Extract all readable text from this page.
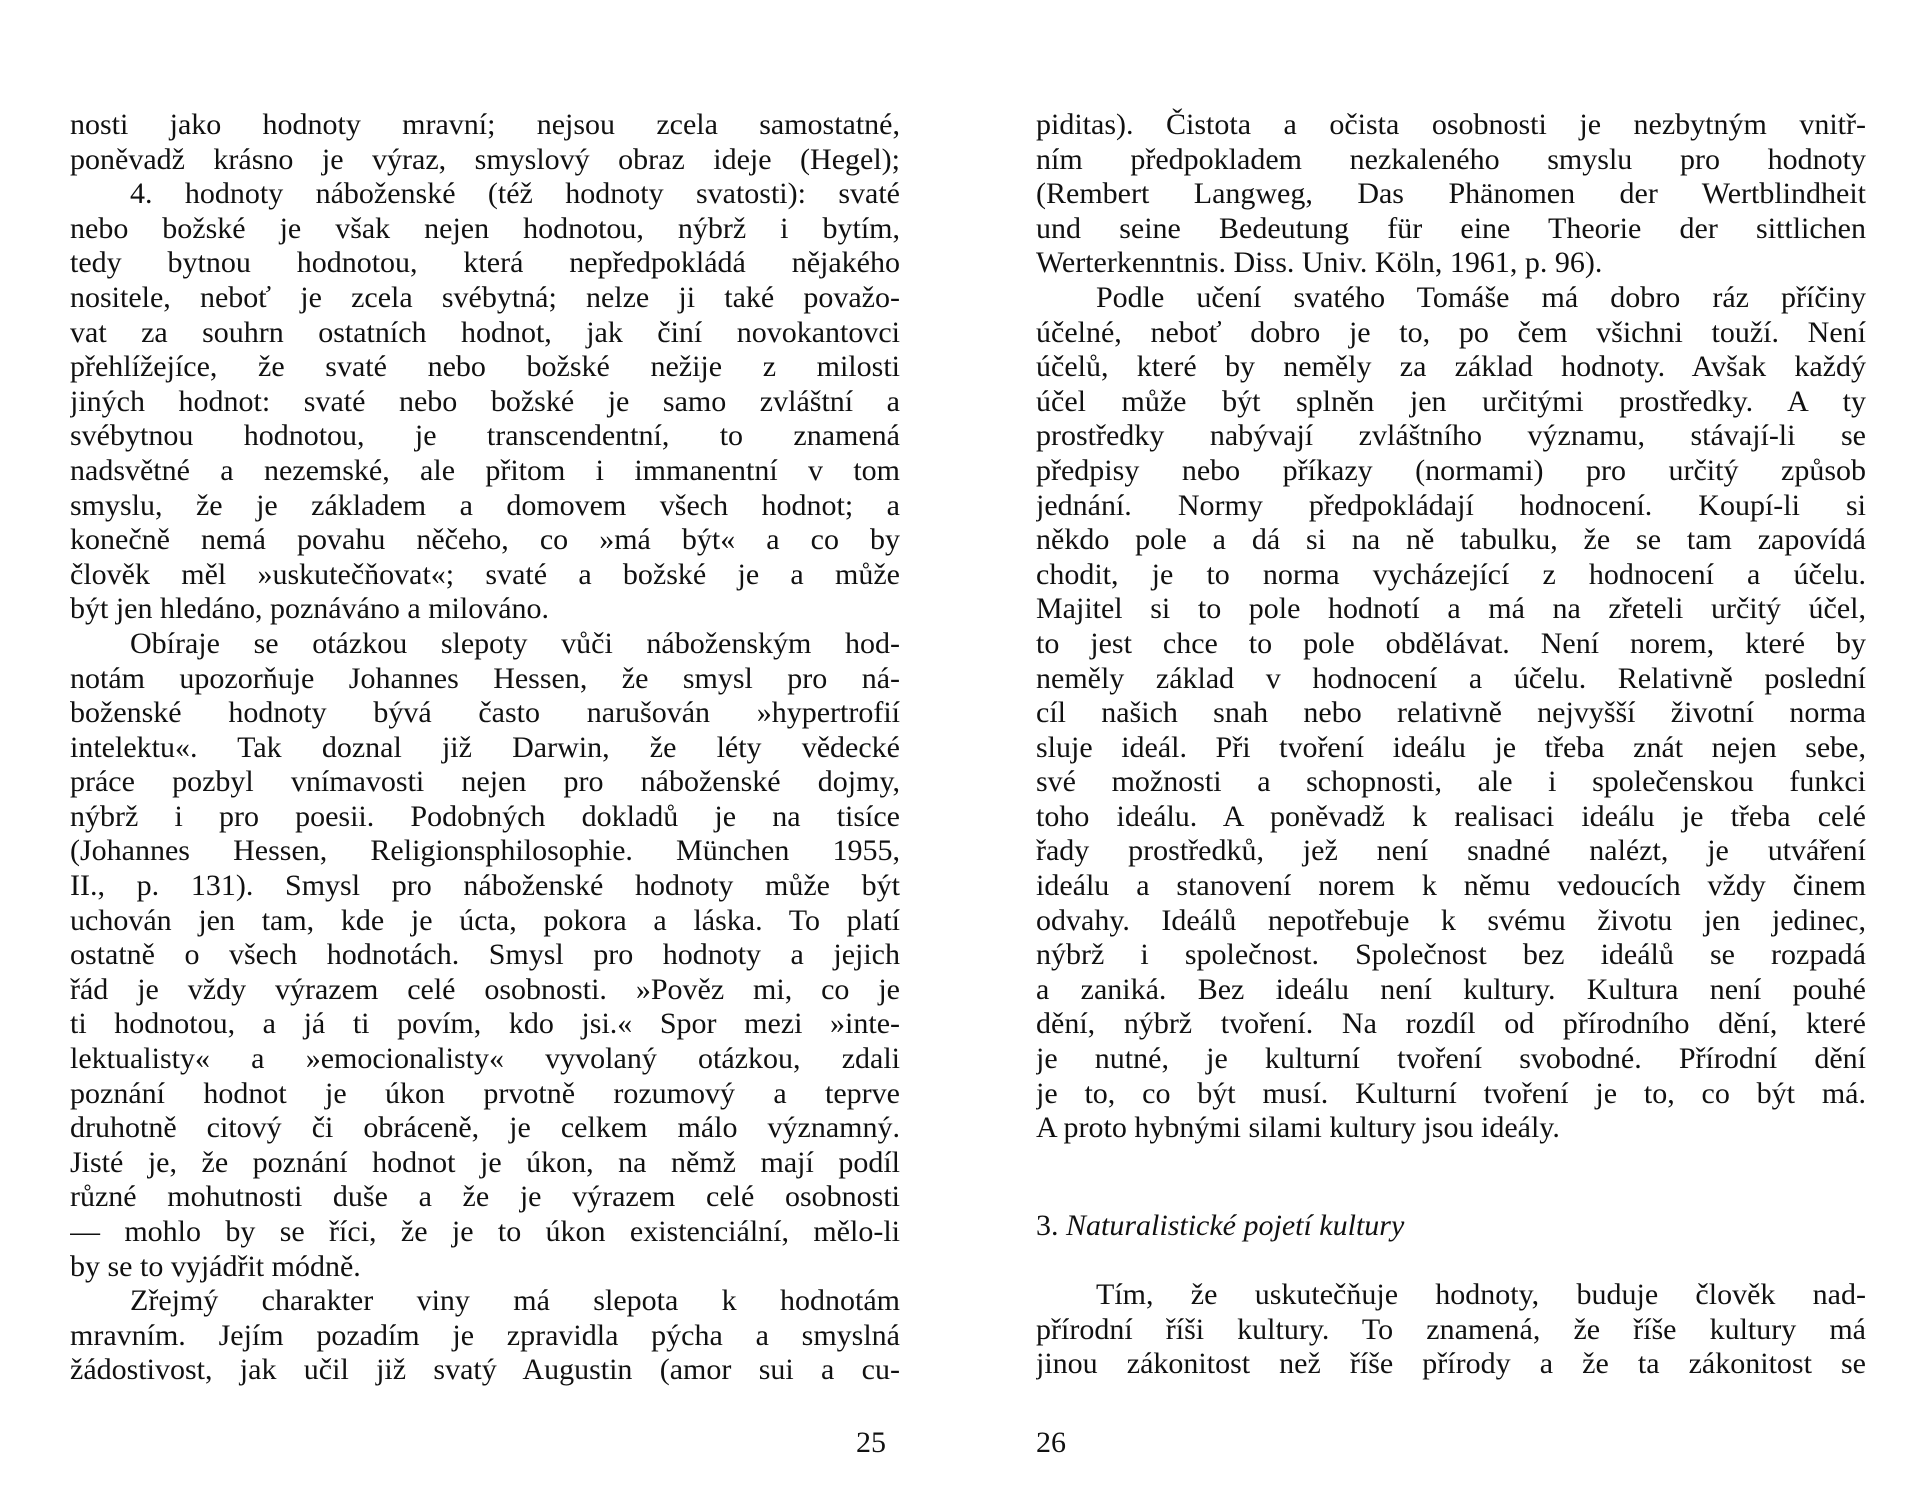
nosti jako hodnoty mravní; nejsou zcela samostatné,
poněvadž krásno je výraz, smyslový obraz ideje (Hegel);
4. hodnoty náboženské (též hodnoty svatosti): svaté
nebo božské je však nejen hodnotou, nýbrž i bytím,
tedy bytnou hodnotou, která nepředpokládá nějakého
nositele, neboť je zcela svébytná; nelze ji také považo-
vat za souhrn ostatních hodnot, jak činí novokantovci
přehlížejíce, že svaté nebo božské nežije z milosti
jiných hodnot: svaté nebo božské je samo zvláštní a
svébytnou hodnotou, je transcendentní, to znamená
nadsvětné a nezemské, ale přitom i immanentní v tom
smyslu, že je základem a domovem všech hodnot; a
konečně nemá povahu něčeho, co »má být« a co by
člověk měl »uskutečňovat«; svaté a božské je a může
být jen hledáno, poznáváno a milováno.
Obíraje se otázkou slepoty vůči náboženským hod-
notám upozorňuje Johannes Hessen, že smysl pro ná-
boženské hodnoty bývá často narušován »hypertrofií
intelektu«. Tak doznal již Darwin, že léty vědecké
práce pozbyl vnímavosti nejen pro náboženské dojmy,
nýbrž i pro poesii. Podobných dokladů je na tisíce
(Johannes Hessen, Religionsphilosophie. München 1955,
II., p. 131). Smysl pro náboženské hodnoty může být
uchován jen tam, kde je úcta, pokora a láska. To platí
ostatně o všech hodnotách. Smysl pro hodnoty a jejich
řád je vždy výrazem celé osobnosti. »Pověz mi, co je
ti hodnotou, a já ti povím, kdo jsi.« Spor mezi »inte-
lektualisty« a »emocionalisty« vyvolaný otázkou, zdali
poznání hodnot je úkon prvotně rozumový a teprve
druhotně citový či obráceně, je celkem málo významný.
Jisté je, že poznání hodnot je úkon, na němž mají podíl
různé mohutnosti duše a že je výrazem celé osobnosti
— mohlo by se říci, že je to úkon existenciální, mělo-li
by se to vyjádřit módně.
Zřejmý charakter viny má slepota k hodnotám
mravním. Jejím pozadím je zpravidla pýcha a smyslná
žádostivost, jak učil již svatý Augustin (amor sui a cu-
25
piditas). Čistota a očista osobnosti je nezbytným vnitř-
ním předpokladem nezkaleného smyslu pro hodnoty
(Rembert Langweg, Das Phänomen der Wertblindheit
und seine Bedeutung für eine Theorie der sittlichen
Werterkenntnis. Diss. Univ. Köln, 1961, p. 96).
Podle učení svatého Tomáše má dobro ráz příčiny
účelné, neboť dobro je to, po čem všichni touží. Není
účelů, které by neměly za základ hodnoty. Avšak každý
účel může být splněn jen určitými prostředky. A ty
prostředky nabývají zvláštního významu, stávají-li se
předpisy nebo příkazy (normami) pro určitý způsob
jednání. Normy předpokládají hodnocení. Koupí-li si
někdo pole a dá si na ně tabulku, že se tam zapovídá
chodit, je to norma vycházející z hodnocení a účelu.
Majitel si to pole hodnotí a má na zřeteli určitý účel,
to jest chce to pole obdělávat. Není norem, které by
neměly základ v hodnocení a účelu. Relativně poslední
cíl našich snah nebo relativně nejvyšší životní norma
sluje ideál. Při tvoření ideálu je třeba znát nejen sebe,
své možnosti a schopnosti, ale i společenskou funkci
toho ideálu. A poněvadž k realisaci ideálu je třeba celé
řady prostředků, jež není snadné nalézt, je utváření
ideálu a stanovení norem k němu vedoucích vždy činem
odvahy. Ideálů nepotřebuje k svému životu jen jedinec,
nýbrž i společnost. Společnost bez ideálů se rozpadá
a zaniká. Bez ideálu není kultury. Kultura není pouhé
dění, nýbrž tvoření. Na rozdíl od přírodního dění, které
je nutné, je kulturní tvoření svobodné. Přírodní dění
je to, co být musí. Kulturní tvoření je to, co být má.
A proto hybnými silami kultury jsou ideály.
3. Naturalistické pojetí kultury
Tím, že uskutečňuje hodnoty, buduje člověk nad-
přírodní říši kultury. To znamená, že říše kultury má
jinou zákonitost než říše přírody a že ta zákonitost se
26
